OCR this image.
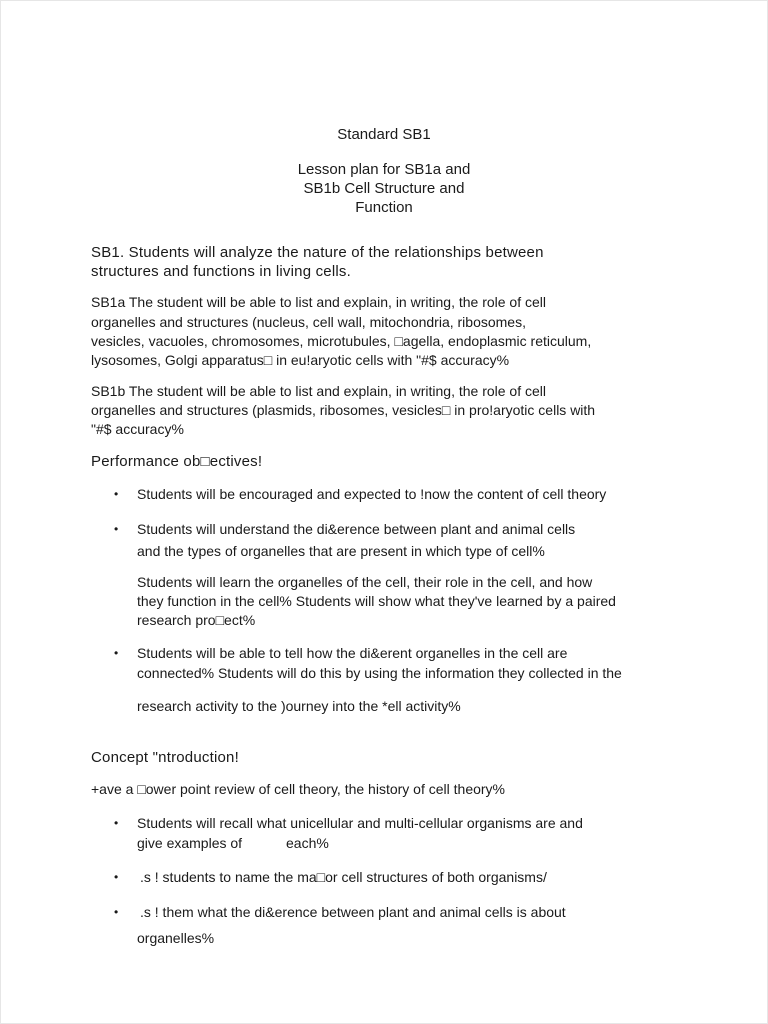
Standard SB1
Lesson plan for SB1a and
SB1b Cell Structure and
Function
SB1. Students will analyze the nature of the relationships between
structures and functions in living cells.
SB1a The student will be able to list and explain, in writing, the role of cell
organelles and structures (nucleus, cell wall, mitochondria, ribosomes,
vesicles, vacuoles, chromosomes, microtubules, □agella, endoplasmic reticulum,
lysosomes, Golgi apparatus□ in eu!aryotic cells with "#$ accuracy%
SB1b The student will be able to list and explain, in writing, the role of cell
organelles and structures (plasmids, ribosomes, vesicles□ in pro!aryotic cells with
"#$ accuracy%
Performance ob□ectives!
• Students will be encouraged and expected to !now the content of cell theory
• Students will understand the di&erence between plant and animal cells
and the types of organelles that are present in which type of cell%
Students will learn the organelles of the cell, their role in the cell, and how
they function in the cell% Students will show what they've learned by a paired
research pro□ect%
• Students will be able to tell how the di&erent organelles in the cell are
connected% Students will do this by using the information they collected in the
research activity to the )ourney into the *ell activity%
Concept "ntroduction!
+ave a □ower point review of cell theory, the history of cell theory%
• Students will recall what unicellular and multi-cellular organisms are and
give examples of	each%
• .s ! students to name the ma□or cell structures of both organisms/
• .s ! them what the di&erence between plant and animal cells is about
organelles%
